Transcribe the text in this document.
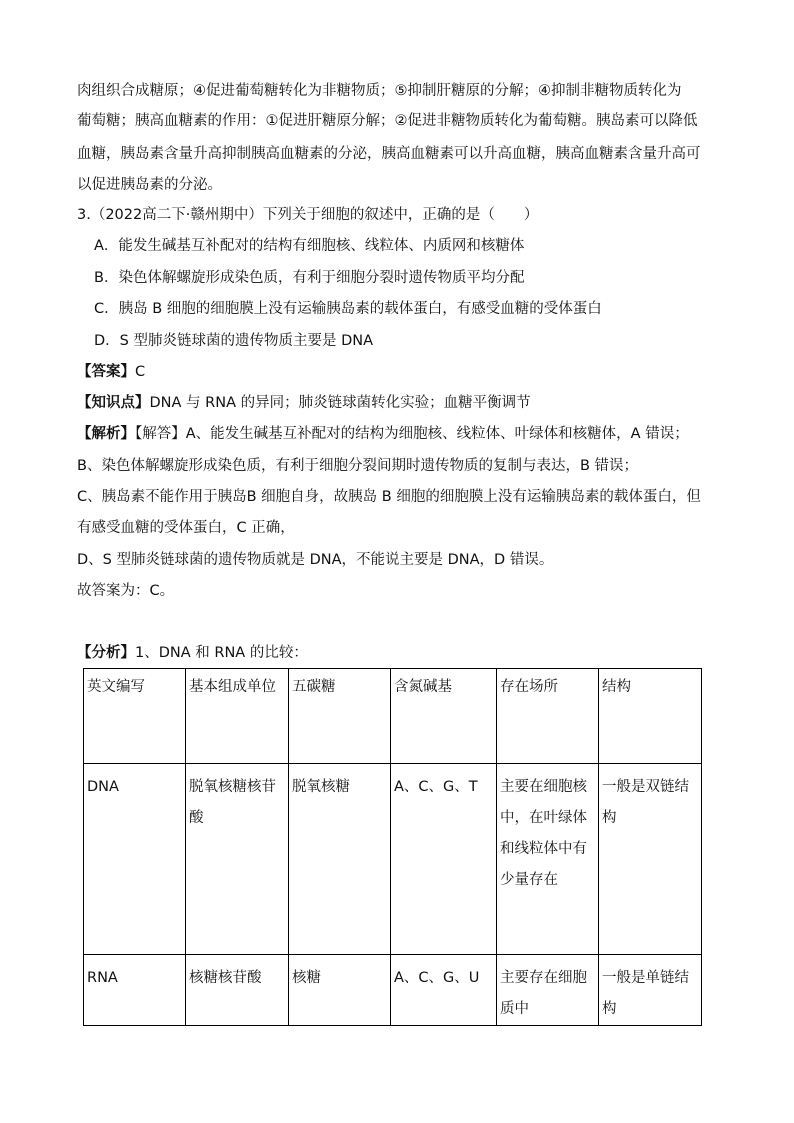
肉组织合成糖原；④促进葡萄糖转化为非糖物质；⑤抑制肝糖原的分解；④抑制非糖物质转化为
葡萄糖；胰高血糖素的作用：①促进肝糖原分解；②促进非糖物质转化为葡萄糖。胰岛素可以降低
血糖，胰岛素含量升高抑制胰高血糖素的分泌，胰高血糖素可以升高血糖，胰高血糖素含量升高可
以促进胰岛素的分泌。
3.（2022高二下·赣州期中）下列关于细胞的叙述中，正确的是（　　）
A．能发生碱基互补配对的结构有细胞核、线粒体、内质网和核糖体
B．染色体解螺旋形成染色质，有利于细胞分裂时遗传物质平均分配
C．胰岛 B 细胞的细胞膜上没有运输胰岛素的载体蛋白，有感受血糖的受体蛋白
D．S 型肺炎链球菌的遗传物质主要是 DNA
【答案】C
【知识点】DNA 与 RNA 的异同；肺炎链球菌转化实验；血糖平衡调节
【解析】【解答】A、能发生碱基互补配对的结构为细胞核、线粒体、叶绿体和核糖体，A 错误；
B、染色体解螺旋形成染色质，有利于细胞分裂间期时遗传物质的复制与表达，B 错误；
C、胰岛素不能作用于胰岛B 细胞自身，故胰岛 B 细胞的细胞膜上没有运输胰岛素的载体蛋白，但
有感受血糖的受体蛋白，C 正确，
D、S 型肺炎链球菌的遗传物质就是 DNA，不能说主要是 DNA，D 错误。
故答案为：C。
【分析】1、DNA 和 RNA 的比较：
英文编写	基本组成单位	五碳糖	含氮碱基	存在场所	结构
DNA	脱氧核糖核苷酸	脱氧核糖	A、C、G、T	主要在细胞核中，在叶绿体和线粒体中有少量存在	一般是双链结构
RNA	核糖核苷酸	核糖	A、C、G、U	主要存在细胞质中	一般是单链结构
